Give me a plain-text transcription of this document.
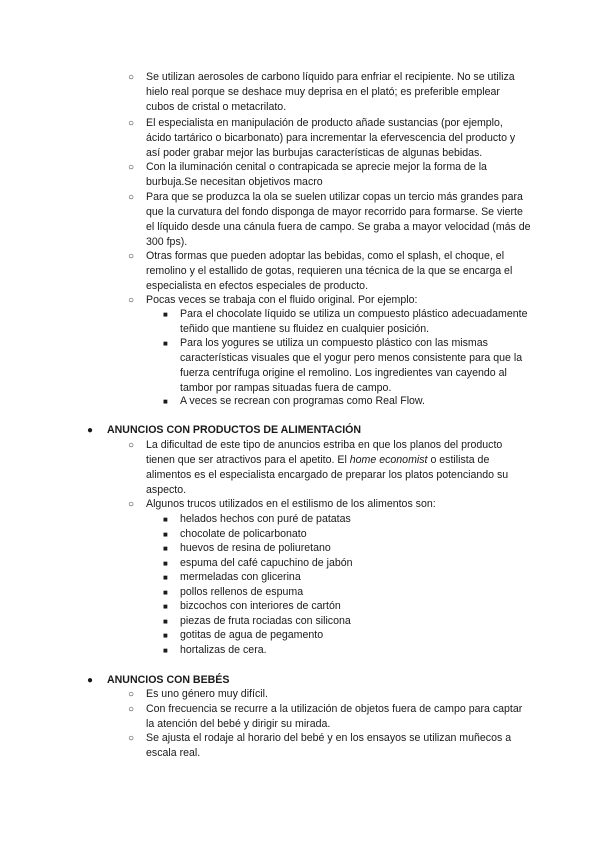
○ Se utilizan aerosoles de carbono líquido para enfriar el recipiente. No se utiliza hielo real porque se deshace muy deprisa en el plató; es preferible emplear cubos de cristal o metacrilato.
○ El especialista en manipulación de producto añade sustancias (por ejemplo, ácido tartárico o bicarbonato) para incrementar la efervescencia del producto y así poder grabar mejor las burbujas características de algunas bebidas.
○ Con la iluminación cenital o contrapicada se aprecie mejor la forma de la burbuja.Se necesitan objetivos macro
○ Para que se produzca la ola se suelen utilizar copas un tercio más grandes para que la curvatura del fondo disponga de mayor recorrido para formarse. Se vierte el líquido desde una cánula fuera de campo. Se graba a mayor velocidad (más de 300 fps).
○ Otras formas que pueden adoptar las bebidas, como el splash, el choque, el remolino y el estallido de gotas, requieren una técnica de la que se encarga el especialista en efectos especiales de producto.
○ Pocas veces se trabaja con el fluido original. Por ejemplo:
■ Para el chocolate líquido se utiliza un compuesto plástico adecuadamente teñido que mantiene su fluidez en cualquier posición.
■ Para los yogures se utiliza un compuesto plástico con las mismas características visuales que el yogur pero menos consistente para que la fuerza centrífuga origine el remolino. Los ingredientes van cayendo al tambor por rampas situadas fuera de campo.
■ A veces se recrean con programas como Real Flow.
● ANUNCIOS CON PRODUCTOS DE ALIMENTACIÓN
○ La dificultad de este tipo de anuncios estriba en que los planos del producto tienen que ser atractivos para el apetito. El home economist o estilista de alimentos es el especialista encargado de preparar los platos potenciando su aspecto.
○ Algunos trucos utilizados en el estilismo de los alimentos son:
■ helados hechos con puré de patatas
■ chocolate de policarbonato
■ huevos de resina de poliuretano
■ espuma del café capuchino de jabón
■ mermeladas con glicerina
■ pollos rellenos de espuma
■ bizcochos con interiores de cartón
■ piezas de fruta rociadas con silicona
■ gotitas de agua de pegamento
■ hortalizas de cera.
● ANUNCIOS CON BEBÉS
○ Es uno género muy difícil.
○ Con frecuencia se recurre a la utilización de objetos fuera de campo para captar la atención del bebé y dirigir su mirada.
○ Se ajusta el rodaje al horario del bebé y en los ensayos se utilizan muñecos a escala real.
